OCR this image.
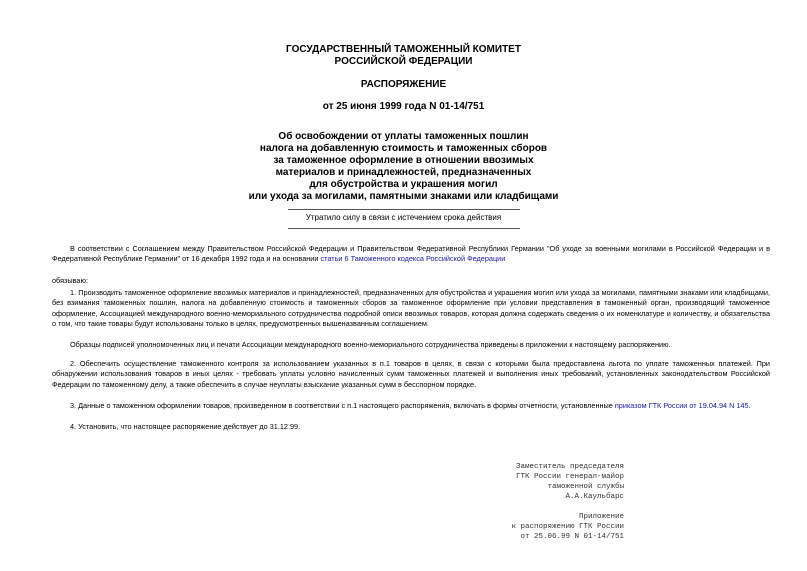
ГОСУДАРСТВЕННЫЙ ТАМОЖЕННЫЙ КОМИТЕТ
РОССИЙСКОЙ ФЕДЕРАЦИИ
РАСПОРЯЖЕНИЕ
от 25 июня 1999 года N 01-14/751
Об освобождении от уплаты таможенных пошлин
налога на добавленную стоимость и таможенных сборов
за таможенное оформление в отношении ввозимых
материалов и принадлежностей, предназначенных
для обустройства и украшения могил
или ухода за могилами, памятными знаками или кладбищами
Утратило силу в связи с истечением срока действия
В соответствии с Соглашением между Правительством Российской Федерации и Правительством Федеративной Республики Германии "Об уходе за военными могилами в Российской Федерации и в Федеративной Республике Германии" от 16 декабря 1992 года и на основании статьи 6 Таможенного кодекса Российской Федерации
обязываю:
1. Производить таможенное оформление ввозимых материалов и принадлежностей, предназначенных для обустройства и украшения могил или ухода за могилами, памятными знаками или кладбищами, без взимания таможенных пошлин, налога на добавленную стоимость и таможенных сборов за таможенное оформление при условии представления в таможенный орган, производящий таможенное оформление, Ассоциацией международного военно-мемориального сотрудничества подробной описи ввозимых товаров, которая должна содержать сведения о их номенклатуре и количеству, и обязательства о том, что такие товары будут использованы только в целях, предусмотренных вышеназванным соглашением.
Образцы подписей уполномоченных лиц и печати Ассоциации международного военно-мемориального сотрудничества приведены в приложении к настоящему распоряжению.
2. Обеспечить осуществление таможенного контроля за использованием указанных в п.1 товаров в целях, в связи с которыми была предоставлена льгота по уплате таможенных платежей. При обнаружении использования товаров в иных целях - требовать уплаты условно начисленных сумм таможенных платежей и выполнения иных требований, установленных законодательством Российской Федерации по таможенному делу, а также обеспечить в случае неуплаты взыскание указанных сумм в бесспорном порядке.
3. Данные о таможенном оформлении товаров, произведенном в соответствии с п.1 настоящего распоряжения, включать в формы отчетности, установленные приказом ГТК России от 19.04.94 N 145.
4. Установить, что настоящее распоряжение действует до 31.12.99.
Заместитель председателя
ГТК России генерал-майор
таможенной службы
А.А.Каульбарс
Приложение
к распоряжению ГТК России
от 25.06.99 N 01-14/751
